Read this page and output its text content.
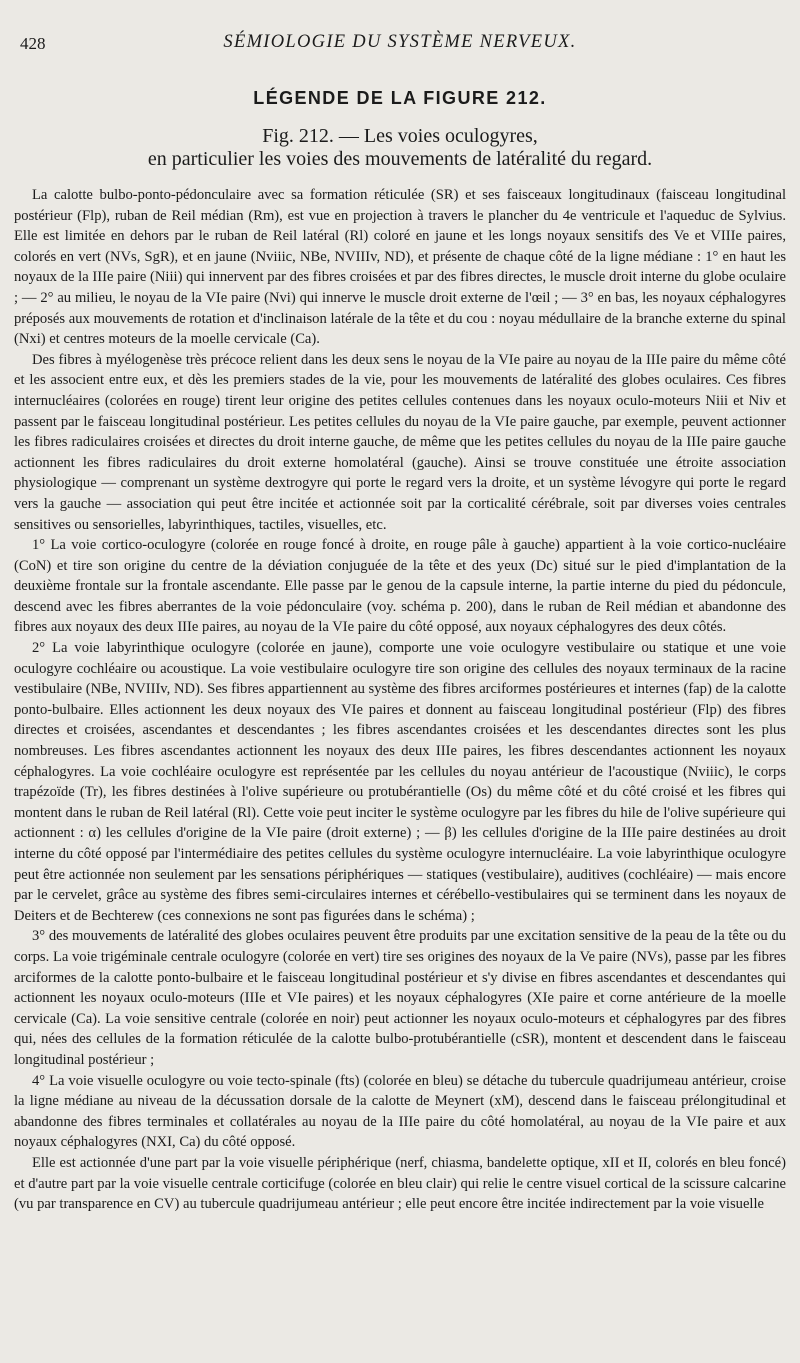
428	SÉMIOLOGIE DU SYSTÈME NERVEUX.
LÉGENDE DE LA FIGURE 212.
Fig. 212. — Les voies oculogyres,
en particulier les voies des mouvements de latéralité du regard.

La calotte bulbo-ponto-pédonculaire avec sa formation réticulée (SR) et ses faisceaux longitudinaux (faisceau longitudinal postérieur (Flp), ruban de Reil médian (Rm), est vue en projection à travers le plancher du 4e ventricule et l'aqueduc de Sylvius. Elle est limitée en dehors par le ruban de Reil latéral (Rl) coloré en jaune et les longs noyaux sensitifs des Ve et VIIIe paires, colorés en vert (NVs, SgR), et en jaune (Nviiic, NBe, NVIIIv, ND), et présente de chaque côté de la ligne médiane : 1° en haut les noyaux de la IIIe paire (Niii) qui innervent par des fibres croisées et par des fibres directes, le muscle droit interne du globe oculaire ; — 2° au milieu, le noyau de la VIe paire (Nvi) qui innerve le muscle droit externe de l'œil ; — 3° en bas, les noyaux céphalogyres préposés aux mouvements de rotation et d'inclinaison latérale de la tête et du cou : noyau médullaire de la branche externe du spinal (Nxi) et centres moteurs de la moelle cervicale (Ca).

Des fibres à myélogenèse très précoce relient dans les deux sens le noyau de la VIe paire au noyau de la IIIe paire du même côté et les associent entre eux, et dès les premiers stades de la vie, pour les mouvements de latéralité des globes oculaires. Ces fibres internucléaires (colorées en rouge) tirent leur origine des petites cellules contenues dans les noyaux oculo-moteurs Niii et Niv et passent par le faisceau longitudinal postérieur. Les petites cellules du noyau de la VIe paire gauche, par exemple, peuvent actionner les fibres radiculaires croisées et directes du droit interne gauche, de même que les petites cellules du noyau de la IIIe paire gauche actionnent les fibres radiculaires du droit externe homolatéral (gauche). Ainsi se trouve constituée une étroite association physiologique — comprenant un système dextrogyre qui porte le regard vers la droite, et un système lévogyre qui porte le regard vers la gauche — association qui peut être incitée et actionnée soit par la corticalité cérébrale, soit par diverses voies centrales sensitives ou sensorielles, labyrinthiques, tactiles, visuelles, etc.

1° La voie cortico-oculogyre (colorée en rouge foncé à droite, en rouge pâle à gauche) appartient à la voie cortico-nucléaire (CoN) et tire son origine du centre de la déviation conjuguée de la tête et des yeux (Dc) situé sur le pied d'implantation de la deuxième frontale sur la frontale ascendante. Elle passe par le genou de la capsule interne, la partie interne du pied du pédoncule, descend avec les fibres aberrantes de la voie pédonculaire (voy. schéma p. 200), dans le ruban de Reil médian et abandonne des fibres aux noyaux des deux IIIe paires, au noyau de la VIe paire du côté opposé, aux noyaux céphalogyres des deux côtés.

2° La voie labyrinthique oculogyre (colorée en jaune), comporte une voie oculogyre vestibulaire ou statique et une voie oculogyre cochléaire ou acoustique. La voie vestibulaire oculogyre tire son origine des cellules des noyaux terminaux de la racine vestibulaire (NBe, NVIIIv, ND). Ses fibres appartiennent au système des fibres arciformes postérieures et internes (fap) de la calotte ponto-bulbaire. Elles actionnent les deux noyaux des VIe paires et donnent au faisceau longitudinal postérieur (Flp) des fibres directes et croisées, ascendantes et descendantes ; les fibres ascendantes croisées et les descendantes directes sont les plus nombreuses. Les fibres ascendantes actionnent les noyaux des deux IIIe paires, les fibres descendantes actionnent les noyaux céphalogyres. La voie cochléaire oculogyre est représentée par les cellules du noyau antérieur de l'acoustique (Nviiic), le corps trapézoïde (Tr), les fibres destinées à l'olive supérieure ou protubérantielle (Os) du même côté et du côté croisé et les fibres qui montent dans le ruban de Reil latéral (Rl). Cette voie peut inciter le système oculogyre par les fibres du hile de l'olive supérieure qui actionnent : α) les cellules d'origine de la VIe paire (droit externe) ; — β) les cellules d'origine de la IIIe paire destinées au droit interne du côté opposé par l'intermédiaire des petites cellules du système oculogyre internucléaire. La voie labyrinthique oculogyre peut être actionnée non seulement par les sensations périphériques — statiques (vestibulaire), auditives (cochléaire) — mais encore par le cervelet, grâce au système des fibres semi-circulaires internes et cérébello-vestibulaires qui se terminent dans les noyaux de Deiters et de Bechterew (ces connexions ne sont pas figurées dans le schéma) ;

3° des mouvements de latéralité des globes oculaires peuvent être produits par une excitation sensitive de la peau de la tête ou du corps. La voie trigéminale centrale oculogyre (colorée en vert) tire ses origines des noyaux de la Ve paire (NVs), passe par les fibres arciformes de la calotte ponto-bulbaire et le faisceau longitudinal postérieur et s'y divise en fibres ascendantes et descendantes qui actionnent les noyaux oculo-moteurs (IIIe et VIe paires) et les noyaux céphalogyres (XIe paire et corne antérieure de la moelle cervicale (Ca). La voie sensitive centrale (colorée en noir) peut actionner les noyaux oculo-moteurs et céphalogyres par des fibres qui, nées des cellules de la formation réticulée de la calotte bulbo-protubérantielle (cSR), montent et descendent dans le faisceau longitudinal postérieur ;

4° La voie visuelle oculogyre ou voie tecto-spinale (fts) (colorée en bleu) se détache du tubercule quadrijumeau antérieur, croise la ligne médiane au niveau de la décussation dorsale de la calotte de Meynert (xM), descend dans le faisceau prélongitudinal et abandonne des fibres terminales et collatérales au noyau de la IIIe paire du côté homolatéral, au noyau de la VIe paire et aux noyaux céphalogyres (NXI, Ca) du côté opposé.

Elle est actionnée d'une part par la voie visuelle périphérique (nerf, chiasma, bandelette optique, xII et II, colorés en bleu foncé) et d'autre part par la voie visuelle centrale corticifuge (colorée en bleu clair) qui relie le centre visuel cortical de la scissure calcarine (vu par transparence en CV) au tubercule quadrijumeau antérieur ; elle peut encore être incitée indirectement par la voie visuelle
